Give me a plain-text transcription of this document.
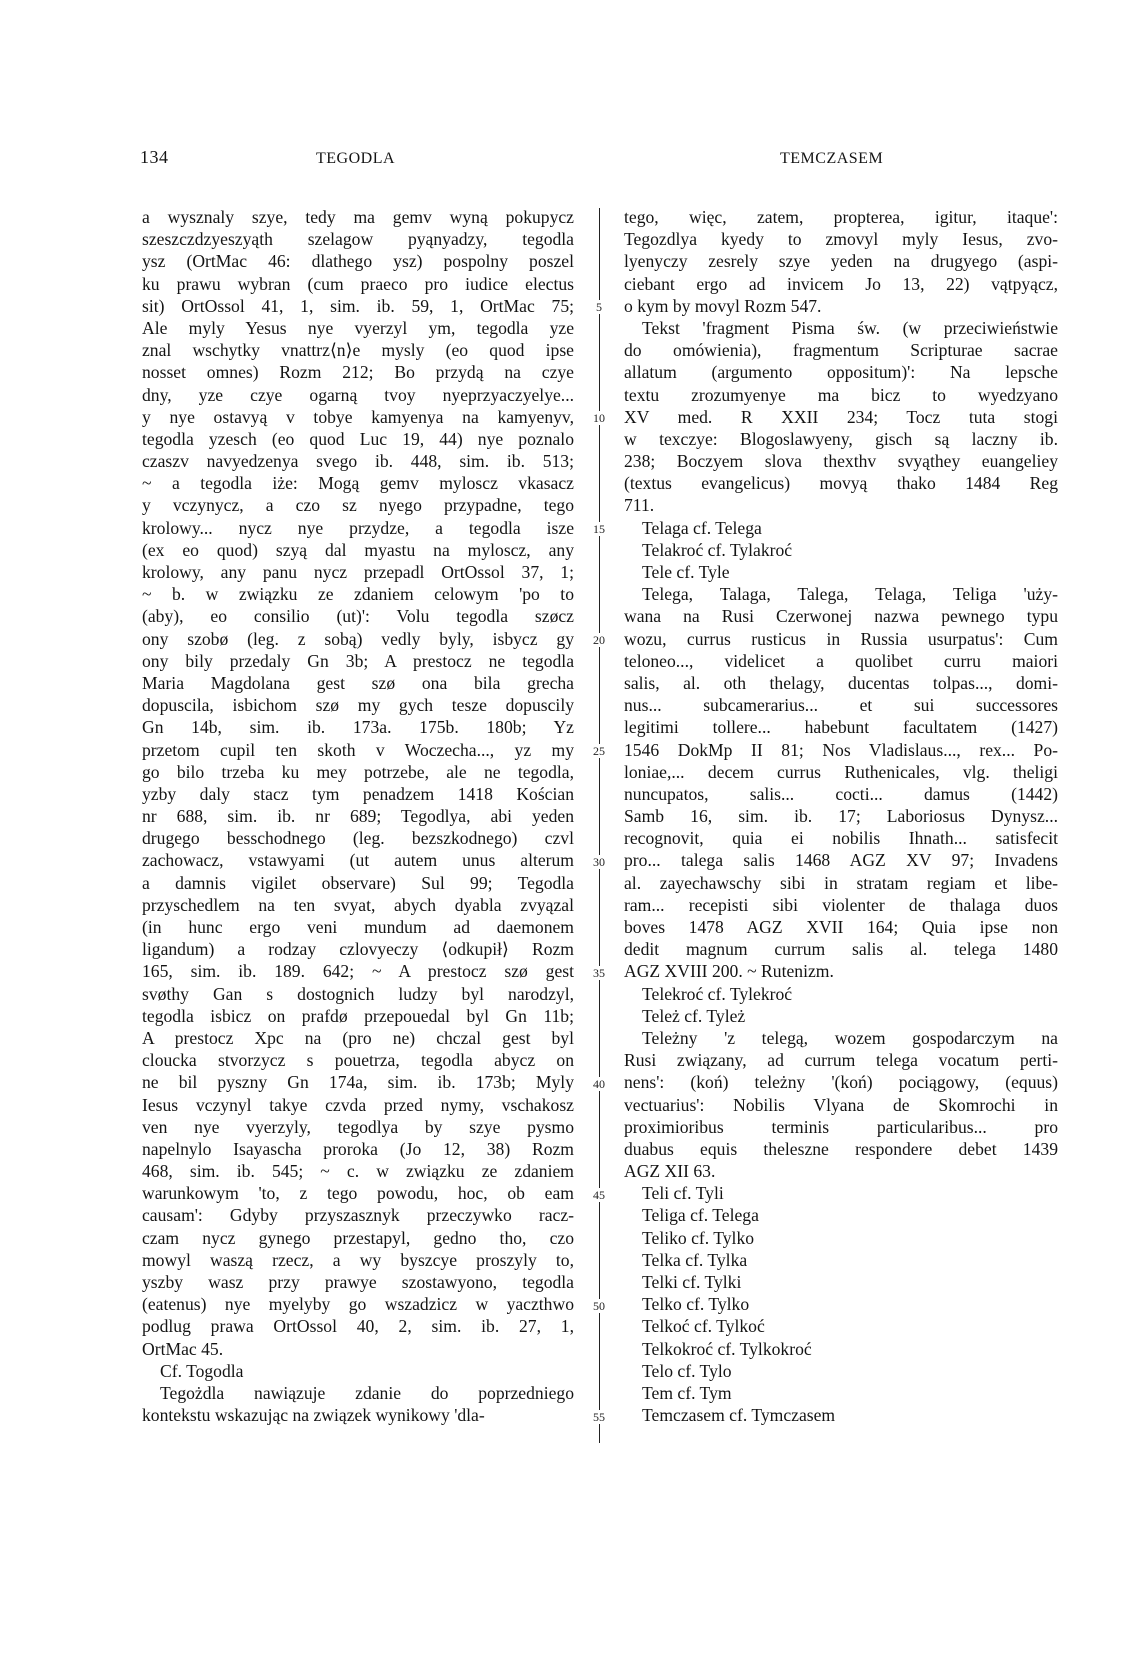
134	TEGODLA	TEMCZASEM
a wysznaly szye, tedy ma gemv wyną pokupycz
szeszczdzyeszyąth szelagow pyąnyadzy, tegodla
ysz (OrtMac 46: dlathego ysz) pospolny poszel
ku prawu wybran (cum praeco pro iudice electus
sit) OrtOssol 41, 1, sim. ib. 59, 1, OrtMac 75;
Ale myly Yesus nye vyerzyl ym, tegodla yze
znal wschytky vnattrz⟨n⟩e mysly (eo quod ipse
nosset omnes) Rozm 212; Bo przydą na czye
dny, yze czye ogarną tvoy nyeprzyaczyelye...
y nye ostavyą v tobye kamyenya na kamyenyv,
tegodla yzesch (eo quod Luc 19, 44) nye poznalo
czaszv navyedzenya svego ib. 448, sim. ib. 513;
~ a tegodla iże: Mogą gemv myloscz vkasacz
y vczynycz, a czo sz nyego przypadne, tego
krolowy... nycz nye przydze, a tegodla isze
(ex eo quod) szyą dal myastu na myloscz, any
krolowy, any panu nycz przepadl OrtOssol 37, 1;
~ b. w związku ze zdaniem celowym 'po to
(aby), eo consilio (ut)': Volu tegodla szøcz
ony szobø (leg. z sobą) vedly byly, isbycz gy
ony bily przedaly Gn 3b; A prestocz ne tegodla
Maria Magdolana gest szø ona bila grecha
dopuscila, isbichom szø my gych tesze dopuscily
Gn 14b, sim. ib. 173a. 175b. 180b; Yz
przetom cupil ten skoth v Woczecha..., yz my
go bilo trzeba ku mey potrzebe, ale ne tegodla,
yzby daly stacz tym penadzem 1418 Kościan
nr 688, sim. ib. nr 689; Tegodlya, abi yeden
drugego besschodnego (leg. bezszkodnego) czvl
zachowacz, vstawyami (ut autem unus alterum
a damnis vigilet observare) Sul 99; Tegodla
przyschedlem na ten svyat, abych dyabla zvyązal
(in hunc ergo veni mundum ad daemonem
ligandum) a rodzay czlovyeczy ⟨odkupił⟩ Rozm
165, sim. ib. 189. 642; ~ A prestocz szø gest
svøthy Gan s dostognich ludzy byl narodzyl,
tegodla isbicz on prafdø przepouedal byl Gn 11b;
A prestocz Xpc na (pro ne) chczal gest byl
cloucka stvorzycz s pouetrza, tegodla abycz on
ne bil pyszny Gn 174a, sim. ib. 173b; Myly
Iesus vczynyl takye czvda przed nymy, vschakosz
ven nye vyerzyly, tegodlya by szye pysmo
napelnylo Isayascha proroka (Jo 12, 38) Rozm
468, sim. ib. 545; ~ c. w związku ze zdaniem
warunkowym 'to, z tego powodu, hoc, ob eam
causam': Gdyby przyszasznyk przeczywko racz-
czam nycz gynego przestapyl, gedno tho, czo
mowyl waszą rzecz, a wy byszcye proszyly to,
yszby wasz przy prawye szostawyono, tegodla
(eatenus) nye myelyby go wszadzicz w yaczthwo
podlug prawa OrtOssol 40, 2, sim. ib. 27, 1,
OrtMac 45.
Cf. Togodla
Tegożdla nawiązuje zdanie do poprzedniego
kontekstu wskazując na związek wynikowy 'dla-
5
10
15
20
25
30
35
40
45
50
55
tego, więc, zatem, propterea, igitur, itaque':
Tegozdlya kyedy to zmovyl myly Iesus, zvo-
lyenyczy zesrely szye yeden na drugyego (aspi-
ciebant ergo ad invicem Jo 13, 22) vątpyącz,
o kym by movyl Rozm 547.
Tekst 'fragment Pisma św. (w przeciwieństwie
do omówienia), fragmentum Scripturae sacrae
allatum (argumento oppositum)': Na lepsche
textu zrozumyenye ma bicz to wyedzyano
XV med. R XXII 234; Tocz tuta stogi
w texczye: Blogoslawyeny, gisch są laczny ib.
238; Boczyem slova thexthv svyąthey euangeliey
(textus evangelicus) movyą thako 1484 Reg
711.
Telaga cf. Telega
Telakroć cf. Tylakroć
Tele cf. Tyle
Telega, Talaga, Talega, Telaga, Teliga 'uży-
wana na Rusi Czerwonej nazwa pewnego typu
wozu, currus rusticus in Russia usurpatus': Cum
teloneo..., videlicet a quolibet curru maiori
salis, al. oth thelagy, ducentas tolpas..., domi-
nus... subcamerarius... et sui successores
legitimi tollere... habebunt facultatem (1427)
1546 DokMp II 81; Nos Vladislaus..., rex... Po-
loniae,... decem currus Ruthenicales, vlg. theligi
nuncupatos, salis... cocti... damus (1442)
Samb 16, sim. ib. 17; Laboriosus Dynysz...
recognovit, quia ei nobilis Ihnath... satisfecit
pro... talega salis 1468 AGZ XV 97; Invadens
al. zayechawschy sibi in stratam regiam et libe-
ram... recepisti sibi violenter de thalaga duos
boves 1478 AGZ XVII 164; Quia ipse non
dedit magnum currum salis al. telega 1480
AGZ XVIII 200. ~ Rutenizm.
Telekroć cf. Tylekroć
Teleż cf. Tyleż
Teleżny 'z telegą, wozem gospodarczym na
Rusi związany, ad currum telega vocatum perti-
nens': (koń) teleżny '(koń) pociągowy, (equus)
vectuarius': Nobilis Vlyana de Skomrochi in
proximioribus terminis particularibus... pro
duabus equis thelesznе respondere debet 1439
AGZ XII 63.
Teli cf. Tyli
Teliga cf. Telega
Teliko cf. Tylko
Telka cf. Tylka
Telki cf. Tylki
Telko cf. Tylko
Telkoć cf. Tylkoć
Telkokroć cf. Tylkokroć
Telo cf. Tylo
Tem cf. Tym
Temczasem cf. Tymczasem
